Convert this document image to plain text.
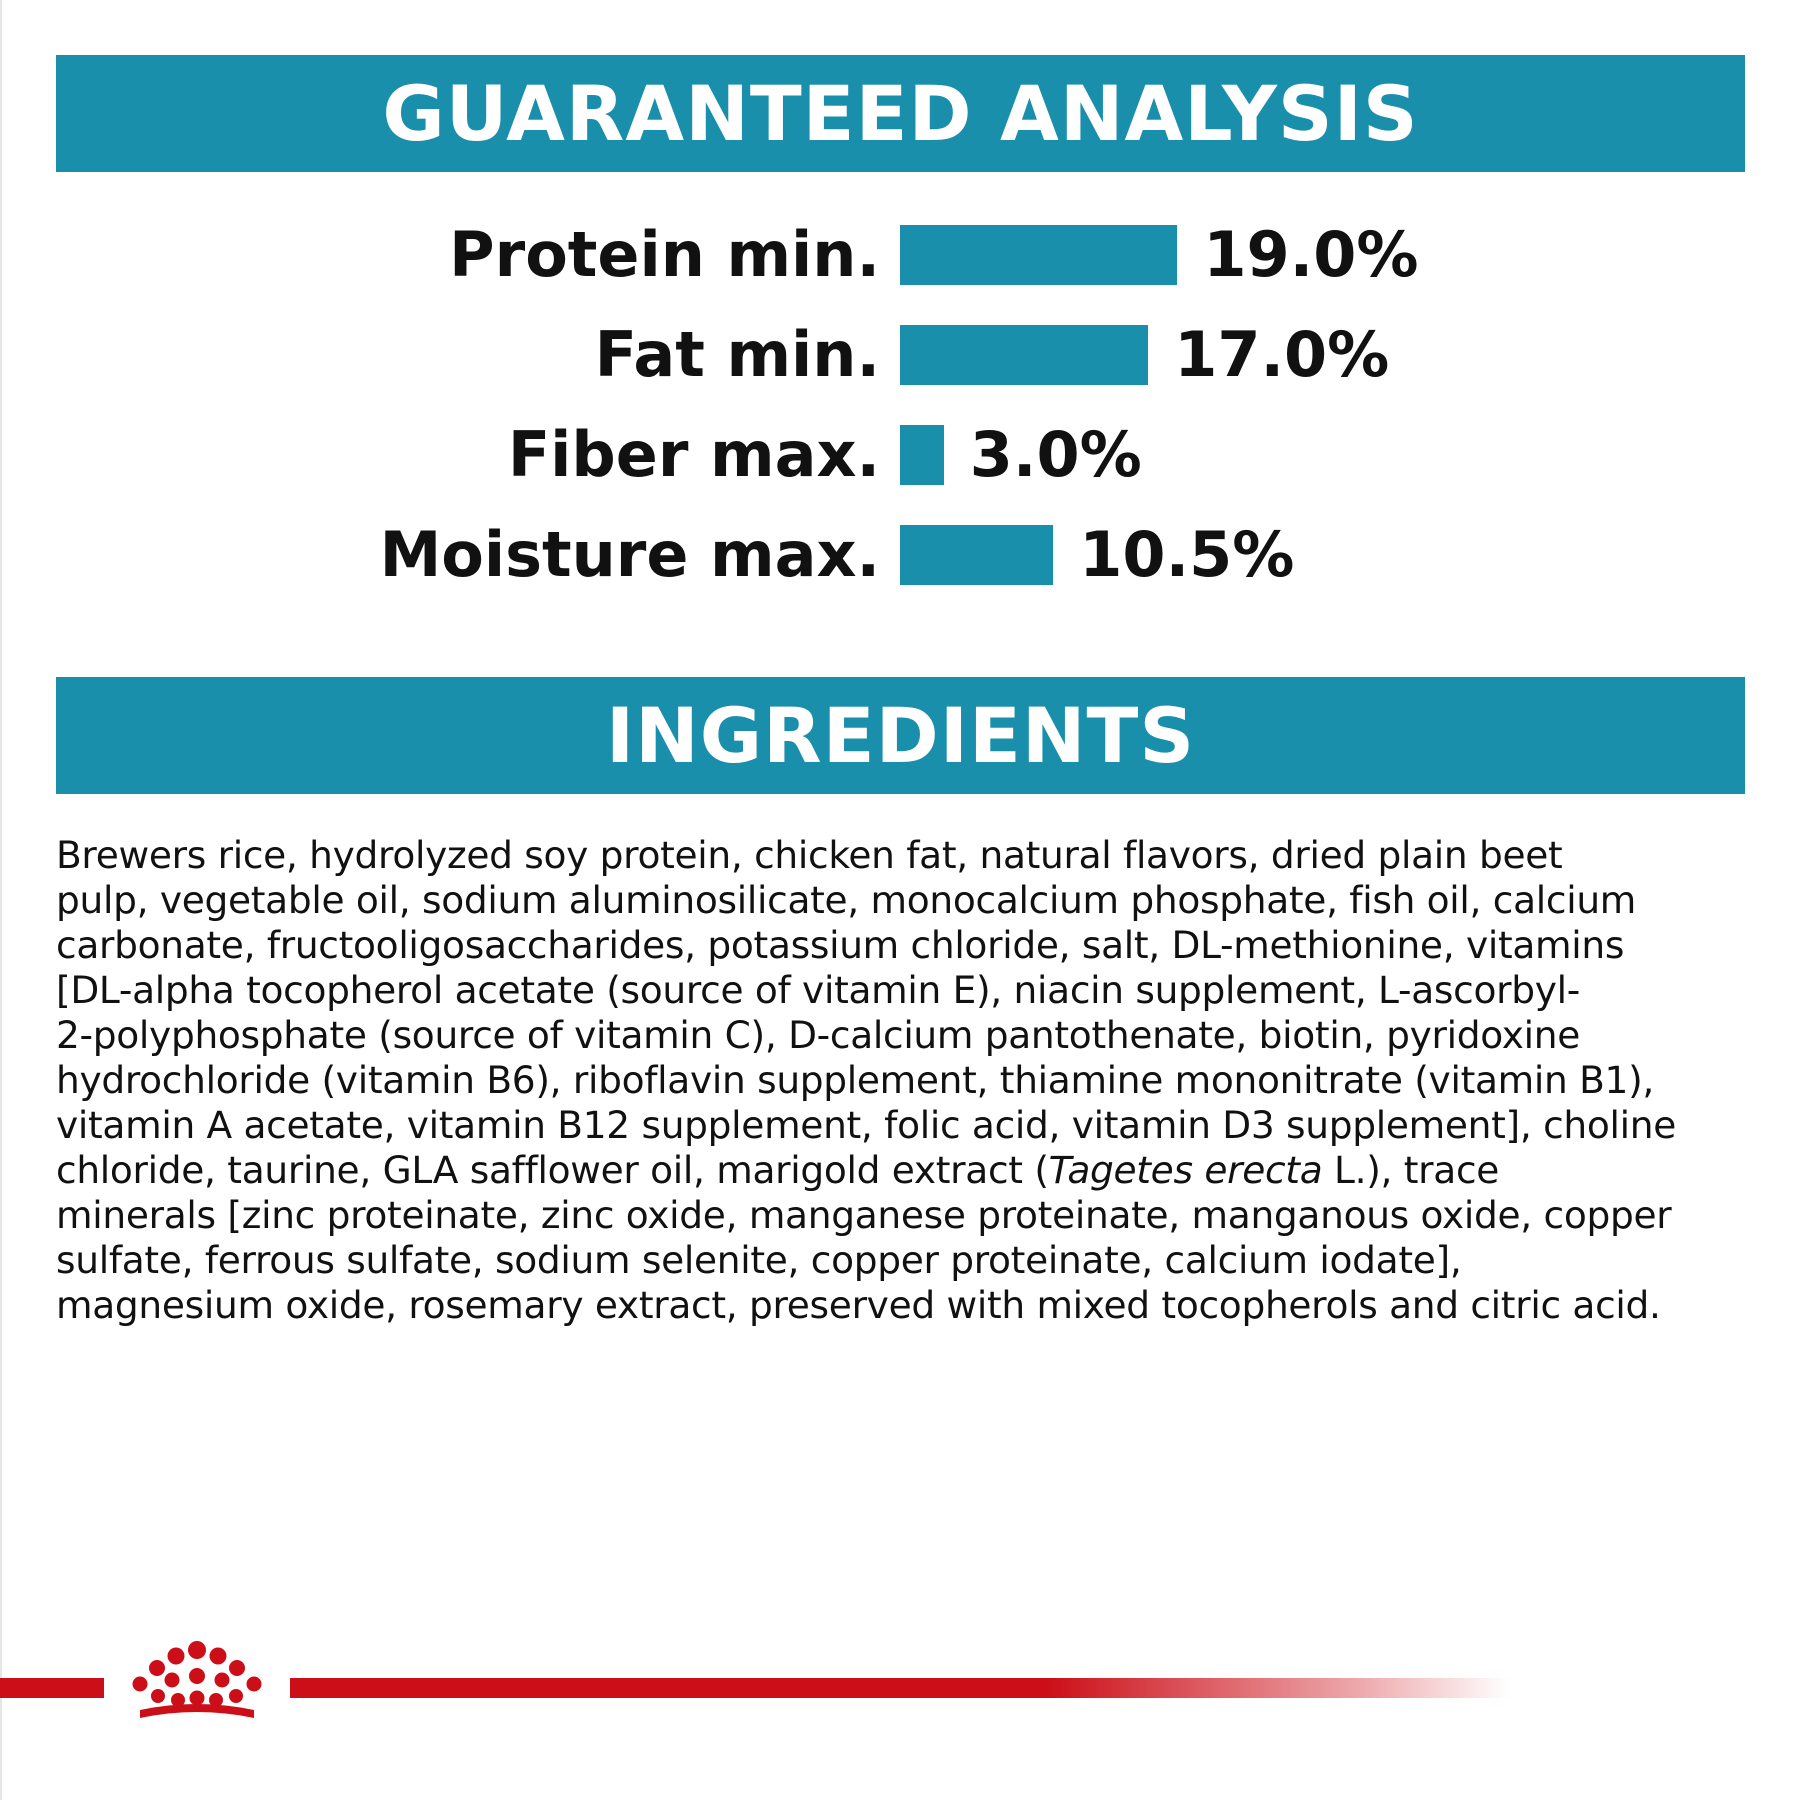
GUARANTEED ANALYSIS
Protein min.	19.0%
Fat min.	17.0%
Fiber max. 3.0%
Moisture max.	10.5%
INGREDIENTS

Brewers rice, hydrolyzed soy protein, chicken fat, natural flavors, dried plain beet

pulp, vegetable oil, sodium aluminosilicate, monocalcium phosphate, fish oil, calcium

carbonate, fructooligosaccharides, potassium chloride, salt, DL-methionine, vitamins

[DL-alpha tocopherol acetate (source of vitamin E), niacin supplement, L-ascorbyl-

2-polyphosphate (source of vitamin C), D-calcium pantothenate, biotin, pyridoxine

hydrochloride (vitamin B6), riboflavin supplement, thiamine mononitrate (vitamin B1),

vitamin A acetate, vitamin B12 supplement, folic acid, vitamin D3 supplement], choline

chloride, taurine, GLA safflower oil, marigold extract (Tagetes erecta L.), trace

minerals [zinc proteinate, zinc oxide, manganese proteinate, manganous oxide, copper

sulfate, ferrous sulfate, sodium selenite, copper proteinate, calcium iodate],

magnesium oxide, rosemary extract, preserved with mixed tocopherols and citric acid.
